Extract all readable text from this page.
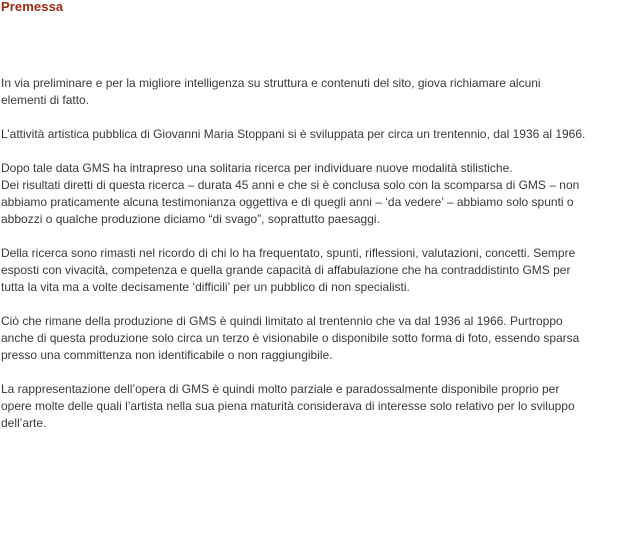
Premessa

In via preliminare e per la migliore intelligenza su struttura e contenuti del sito, giova richiamare alcuni
elementi di fatto.

L’attività artistica pubblica di Giovanni Maria Stoppani si è sviluppata per circa un trentennio, dal 1936 al 1966.

Dopo tale data GMS ha intrapreso una solitaria ricerca per individuare nuove modalità stilistiche.
Dei risultati diretti di questa ricerca – durata 45 anni e che si è conclusa solo con la scomparsa di GMS – non
abbiamo praticamente alcuna testimonianza oggettiva e di quegli anni – ‘da vedere’ – abbiamo solo spunti o
abbozzi o qualche produzione diciamo “di svago”, soprattutto paesaggi.

Della ricerca sono rimasti nel ricordo di chi lo ha frequentato, spunti, riflessioni, valutazioni, concetti. Sempre
esposti con vivacità, competenza e quella grande capacità di affabulazione che ha contraddistinto GMS per
tutta la vita ma a volte decisamente ‘difficili’ per un pubblico di non specialisti.

Ciò che rimane della produzione di GMS è quindi limitato al trentennio che va dal 1936 al 1966. Purtroppo
anche di questa produzione solo circa un terzo è visionabile o disponibile sotto forma di foto, essendo sparsa
presso una committenza non identificabile o non raggiungibile.

La rappresentazione dell’opera di GMS è quindi molto parziale e paradossalmente disponibile proprio per
opere molte delle quali l’artista nella sua piena maturità considerava di interesse solo relativo per lo sviluppo
dell’arte.
